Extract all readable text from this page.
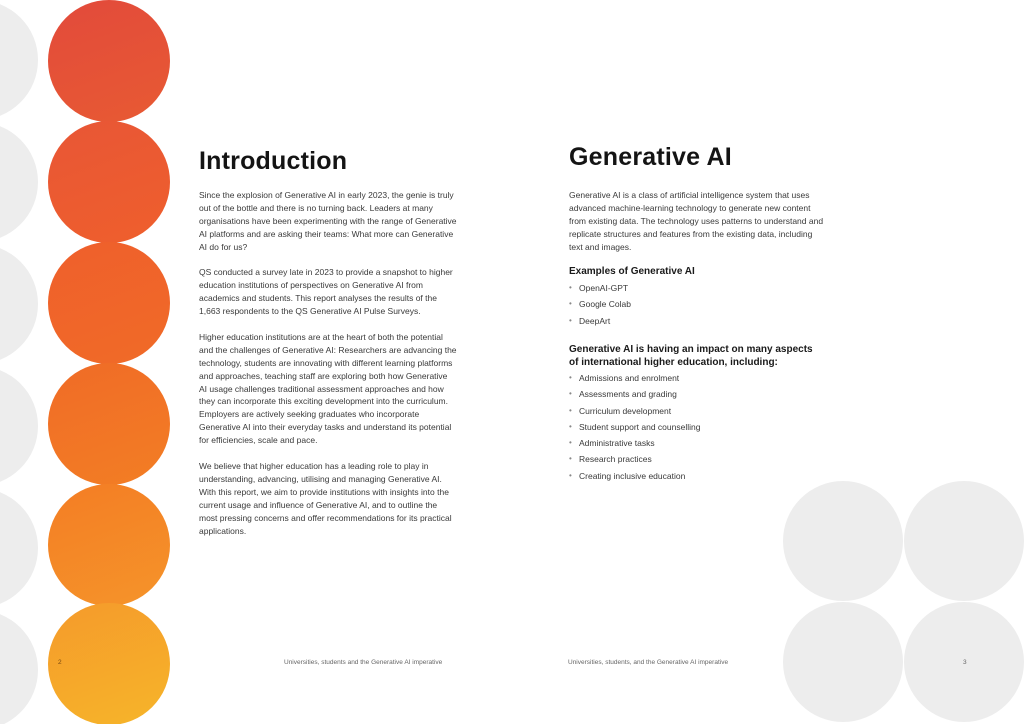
Introduction

Since the explosion of Generative AI in early 2023, the genie is truly out of the bottle and there is no turning back. Leaders at many organisations have been experimenting with the range of Generative AI platforms and are asking their teams: What more can Generative AI do for us?

QS conducted a survey late in 2023 to provide a snapshot to higher education institutions of perspectives on Generative AI from academics and students. This report analyses the results of the 1,663 respondents to the QS Generative AI Pulse Surveys.

Higher education institutions are at the heart of both the potential and the challenges of Generative AI: Researchers are advancing the technology, students are innovating with different learning platforms and approaches, teaching staff are exploring both how Generative AI usage challenges traditional assessment approaches and how they can incorporate this exciting development into the curriculum. Employers are actively seeking graduates who incorporate Generative AI into their everyday tasks and understand its potential for efficiencies, scale and pace.

We believe that higher education has a leading role to play in understanding, advancing, utilising and managing Generative AI. With this report, we aim to provide institutions with insights into the current usage and influence of Generative AI, and to outline the most pressing concerns and offer recommendations for its practical applications.

2	Universities, students and the Generative AI imperative
Generative AI
Generative AI is a class of artificial intelligence system that uses advanced machine-learning technology to generate new content from existing data. The technology uses patterns to understand and replicate structures and features from the existing data, including text and images.
Examples of Generative AI
• OpenAI-GPT
• Google Colab
• DeepArt
Generative AI is having an impact on many aspects of international higher education, including:
• Admissions and enrolment
• Assessments and grading
• Curriculum development
• Student support and counselling
• Administrative tasks
• Research practices
• Creating inclusive education
Universities, students, and the Generative AI imperative	3
